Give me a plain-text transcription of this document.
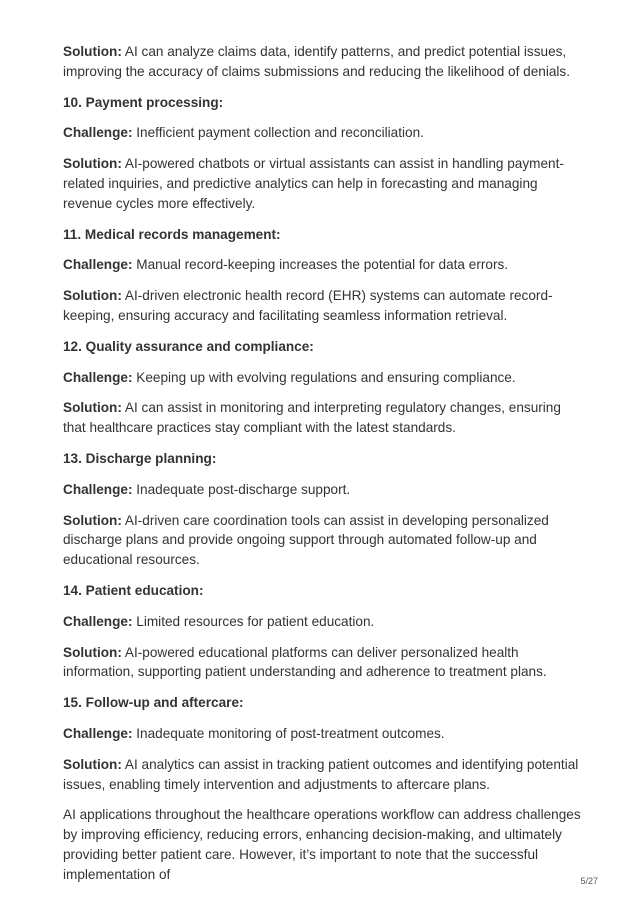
Solution: AI can analyze claims data, identify patterns, and predict potential issues, improving the accuracy of claims submissions and reducing the likelihood of denials.

10. Payment processing:

Challenge: Inefficient payment collection and reconciliation.

Solution: AI-powered chatbots or virtual assistants can assist in handling payment-related inquiries, and predictive analytics can help in forecasting and managing revenue cycles more effectively.

11. Medical records management:

Challenge: Manual record-keeping increases the potential for data errors.

Solution: AI-driven electronic health record (EHR) systems can automate record-keeping, ensuring accuracy and facilitating seamless information retrieval.

12. Quality assurance and compliance:

Challenge: Keeping up with evolving regulations and ensuring compliance.

Solution: AI can assist in monitoring and interpreting regulatory changes, ensuring that healthcare practices stay compliant with the latest standards.

13. Discharge planning:

Challenge: Inadequate post-discharge support.

Solution: AI-driven care coordination tools can assist in developing personalized discharge plans and provide ongoing support through automated follow-up and educational resources.

14. Patient education:

Challenge: Limited resources for patient education.

Solution: AI-powered educational platforms can deliver personalized health information, supporting patient understanding and adherence to treatment plans.

15. Follow-up and aftercare:

Challenge: Inadequate monitoring of post-treatment outcomes.

Solution: AI analytics can assist in tracking patient outcomes and identifying potential issues, enabling timely intervention and adjustments to aftercare plans.

AI applications throughout the healthcare operations workflow can address challenges by improving efficiency, reducing errors, enhancing decision-making, and ultimately providing better patient care. However, it’s important to note that the successful implementation of	5/27
